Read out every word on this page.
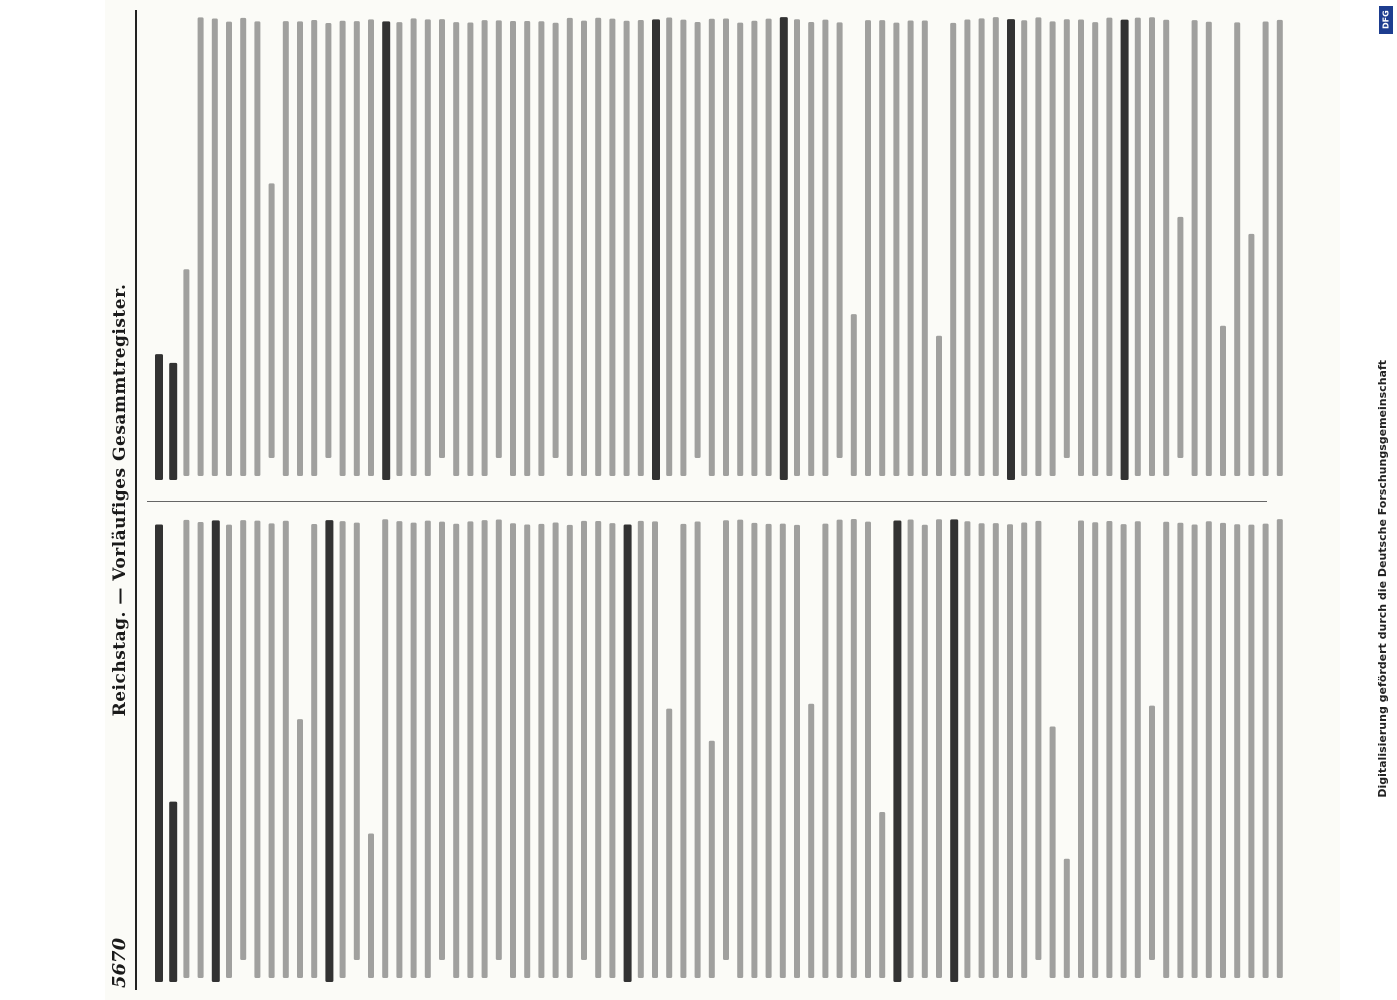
5670
Reichstag. — Vorläufiges Gesammtregister.
DFG
Digitalisierung gefördert durch die Deutsche Forschungsgemeinschaft
